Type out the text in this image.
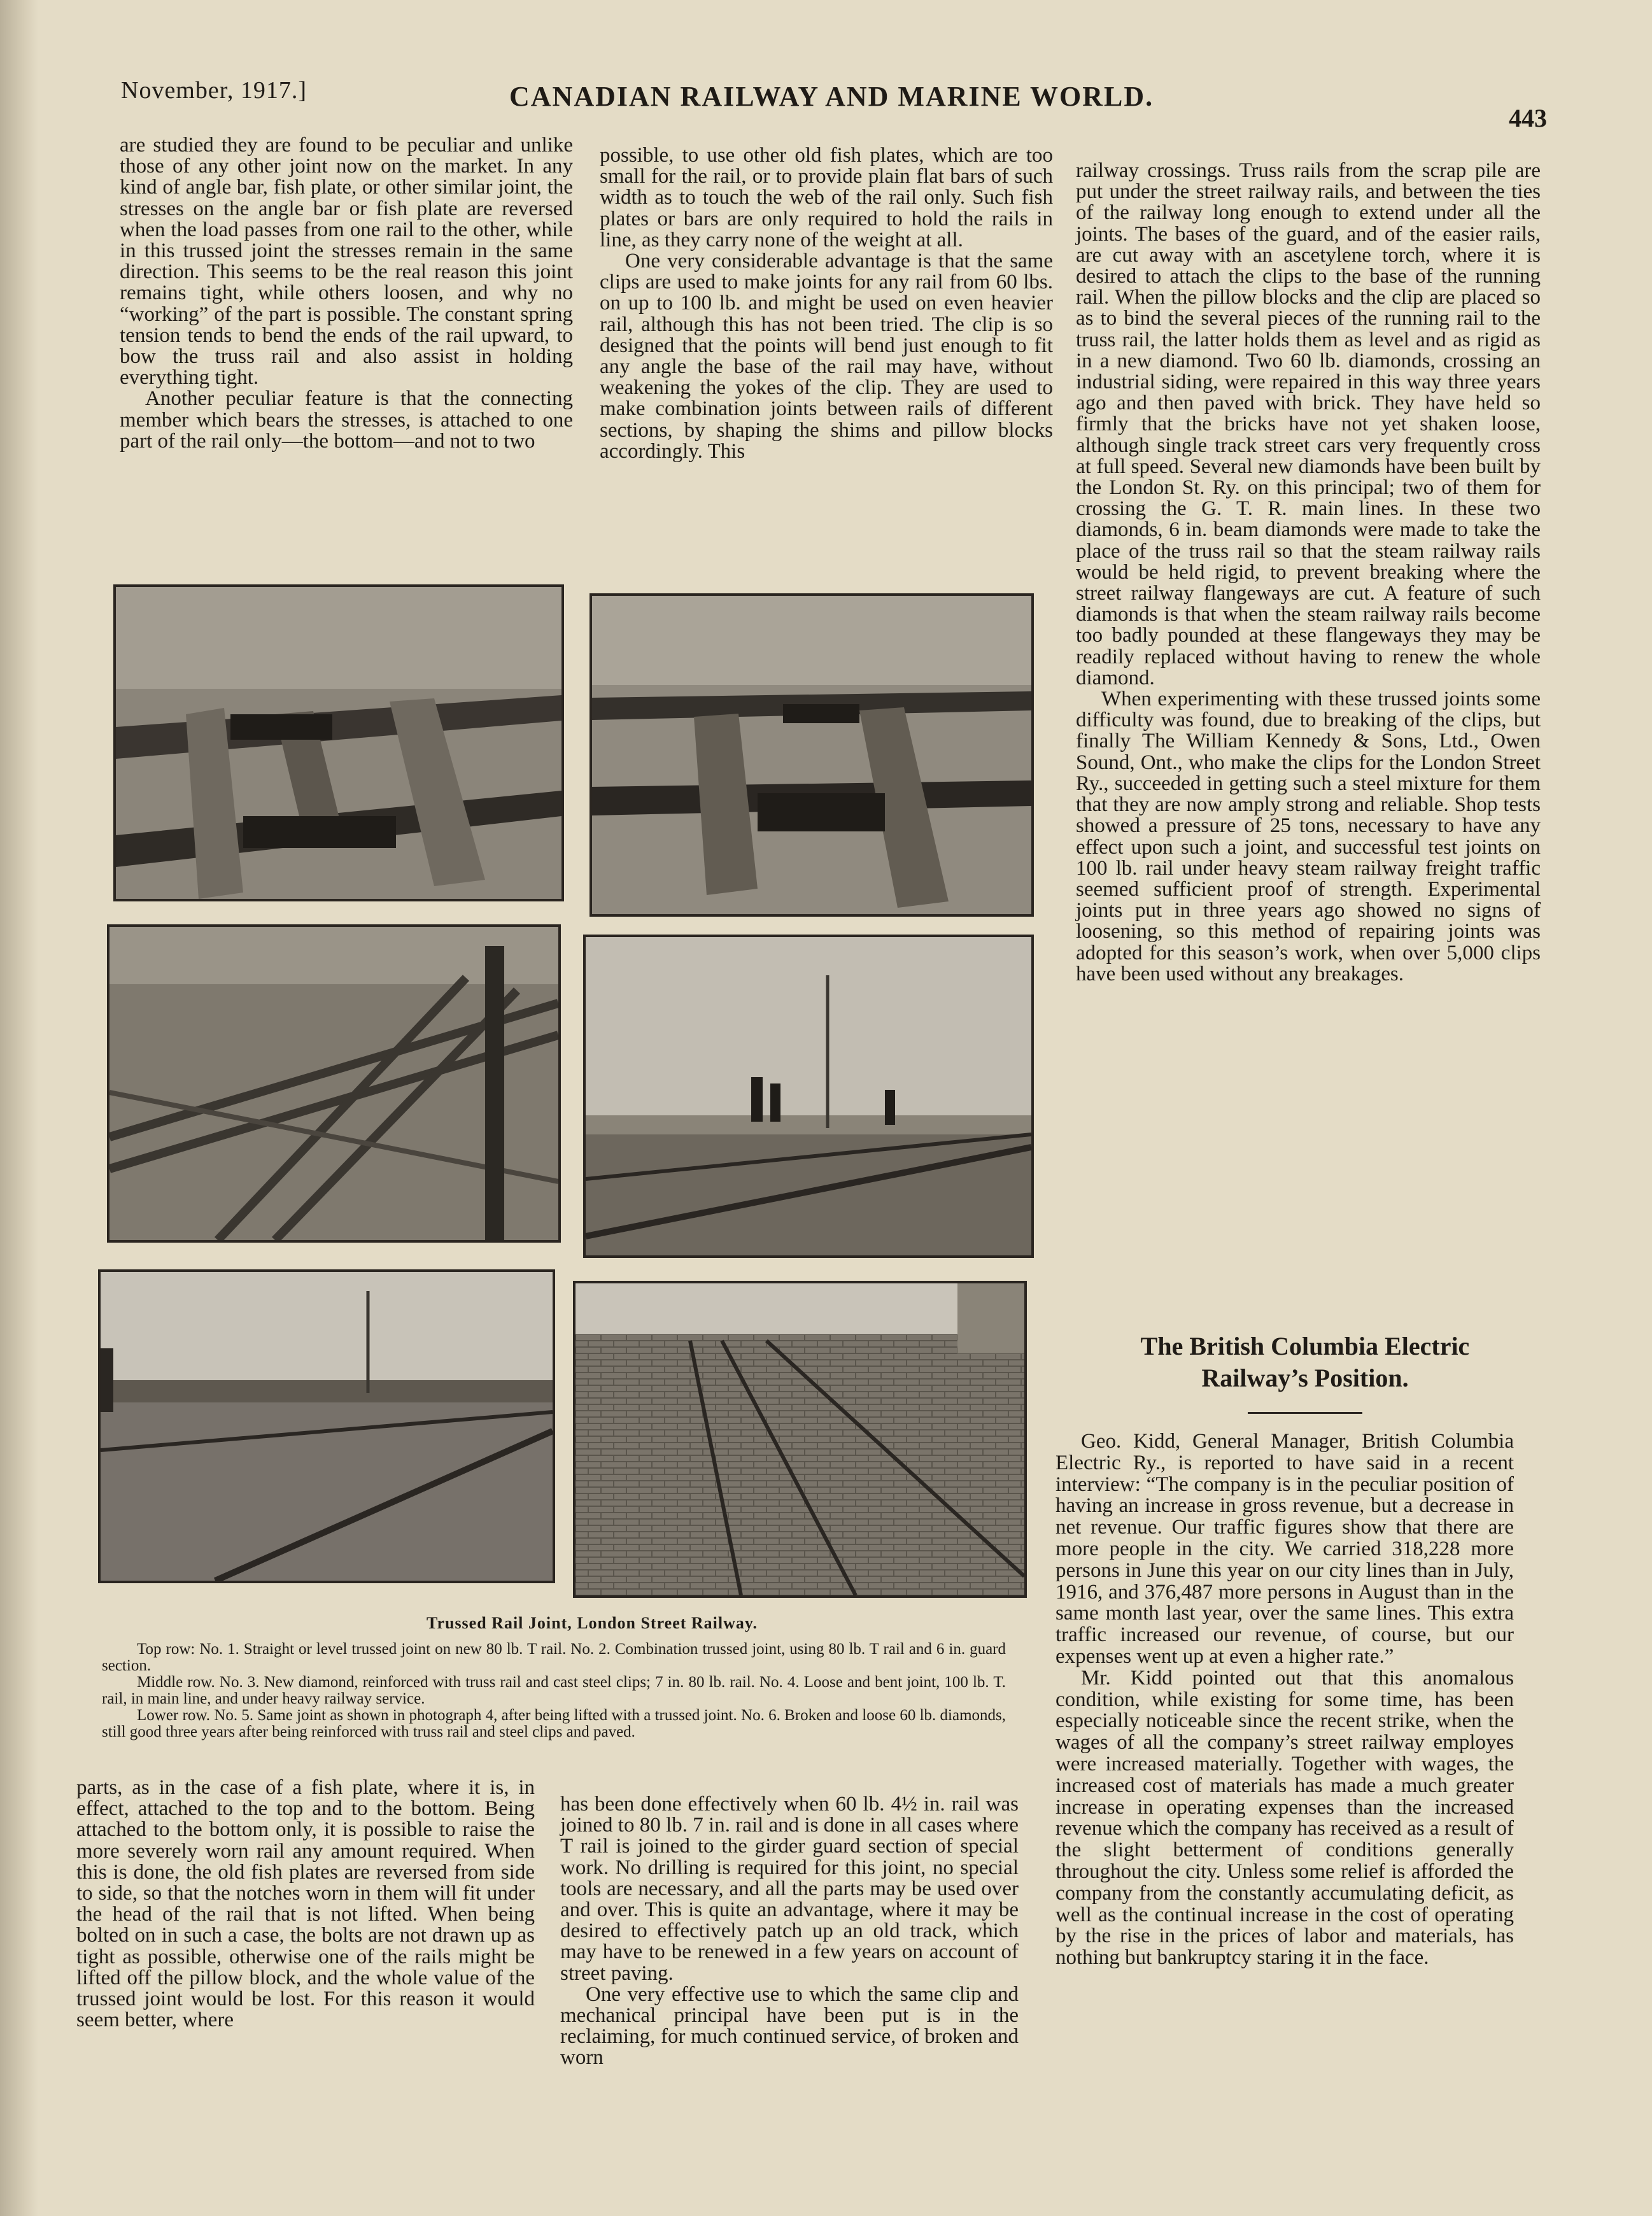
November, 1917.]	CANADIAN RAILWAY AND MARINE WORLD.
443

are studied they are found to be peculiar and unlike those of any other joint now on the market. In any kind of angle bar, fish plate, or other similar joint, the stresses on the angle bar or fish plate are reversed when the load passes from one rail to the other, while in this trussed joint the stresses remain in the same direction. This seems to be the real reason this joint remains tight, while others loosen, and why no “working” of the part is possible. The constant spring tension tends to bend the ends of the rail upward, to bow the truss rail and also assist in holding everything tight.

Another peculiar feature is that the connecting member which bears the stresses, is attached to one part of the rail only—the bottom—and not to two

possible, to use other old fish plates, which are too small for the rail, or to provide plain flat bars of such width as to touch the web of the rail only. Such fish plates or bars are only required to hold the rails in line, as they carry none of the weight at all.

One very considerable advantage is that the same clips are used to make joints for any rail from 60 lbs. on up to 100 lb. and might be used on even heavier rail, although this has not been tried. The clip is so designed that the points will bend just enough to fit any angle the base of the rail may have, without weakening the yokes of the clip. They are used to make combination joints between rails of different sections, by shaping the shims and pillow blocks accordingly. This

railway crossings. Truss rails from the scrap pile are put under the street railway rails, and between the ties of the railway long enough to extend under all the joints. The bases of the guard, and of the easier rails, are cut away with an ascetylene torch, where it is desired to attach the clips to the base of the running rail. When the pillow blocks and the clip are placed so as to bind the several pieces of the running rail to the truss rail, the latter holds them as level and as rigid as in a new diamond. Two 60 lb. diamonds, crossing an industrial siding, were repaired in this way three years ago and then paved with brick. They have held so firmly that the bricks have not yet shaken loose, although single track street cars very frequently cross at full speed. Several new diamonds have been built by the London St. Ry. on this principal; two of them for crossing the G. T. R. main lines. In these two diamonds, 6 in. beam diamonds were made to take the place of the truss rail so that the steam railway rails would be held rigid, to prevent breaking where the street railway flangeways are cut. A feature of such diamonds is that when the steam railway rails become too badly pounded at these flangeways they may be readily replaced without having to renew the whole diamond.

When experimenting with these trussed joints some difficulty was found, due to breaking of the clips, but finally The William Kennedy & Sons, Ltd., Owen Sound, Ont., who make the clips for the London Street Ry., succeeded in getting such a steel mixture for them that they are now amply strong and reliable. Shop tests showed a pressure of 25 tons, necessary to have any effect upon such a joint, and successful test joints on 100 lb. rail under heavy steam railway freight traffic seemed sufficient proof of strength. Experimental joints put in three years ago showed no signs of loosening, so this method of repairing joints was adopted for this season’s work, when over 5,000 clips have been used without any breakages.

Trussed Rail Joint, London Street Railway.

Top row: No. 1. Straight or level trussed joint on new 80 lb. T rail. No. 2. Combination trussed joint, using 80 lb. T rail and 6 in. guard section.

Middle row. No. 3. New diamond, reinforced with truss rail and cast steel clips; 7 in. 80 lb. rail. No. 4. Loose and bent joint, 100 lb. T. rail, in main line, and under heavy railway service.

Lower row. No. 5. Same joint as shown in photograph 4, after being lifted with a trussed joint. No. 6. Broken and loose 60 lb. diamonds, still good three years after being reinforced with truss rail and steel clips and paved.

The British Columbia Electric
Railway’s Position.

Geo. Kidd, General Manager, British Columbia Electric Ry., is reported to have said in a recent interview: “The company is in the peculiar position of having an increase in gross revenue, but a decrease in net revenue. Our traffic figures show that there are more people in the city. We carried 318,228 more persons in June this year on our city lines than in July, 1916, and 376,487 more persons in August than in the same month last year, over the same lines. This extra traffic increased our revenue, of course, but our expenses went up at even a higher rate.”

Mr. Kidd pointed out that this anomalous condition, while existing for some time, has been especially noticeable since the recent strike, when the wages of all the company’s street railway employes were increased materially. Together with wages, the increased cost of materials has made a much greater increase in operating expenses than the increased revenue which the company has received as a result of the slight betterment of conditions generally throughout the city. Unless some relief is afforded the company from the constantly accumulating deficit, as well as the continual increase in the cost of operating by the rise in the prices of labor and materials, has nothing but bankruptcy staring it in the face.

parts, as in the case of a fish plate, where it is, in effect, attached to the top and to the bottom. Being attached to the bottom only, it is possible to raise the more severely worn rail any amount required. When this is done, the old fish plates are reversed from side to side, so that the notches worn in them will fit under the head of the rail that is not lifted. When being bolted on in such a case, the bolts are not drawn up as tight as possible, otherwise one of the rails might be lifted off the pillow block, and the whole value of the trussed joint would be lost. For this reason it would seem better, where

has been done effectively when 60 lb. 4½ in. rail was joined to 80 lb. 7 in. rail and is done in all cases where T rail is joined to the girder guard section of special work. No drilling is required for this joint, no special tools are necessary, and all the parts may be used over and over. This is quite an advantage, where it may be desired to effectively patch up an old track, which may have to be renewed in a few years on account of street paving.

One very effective use to which the same clip and mechanical principal have been put is in the reclaiming, for much continued service, of broken and worn
